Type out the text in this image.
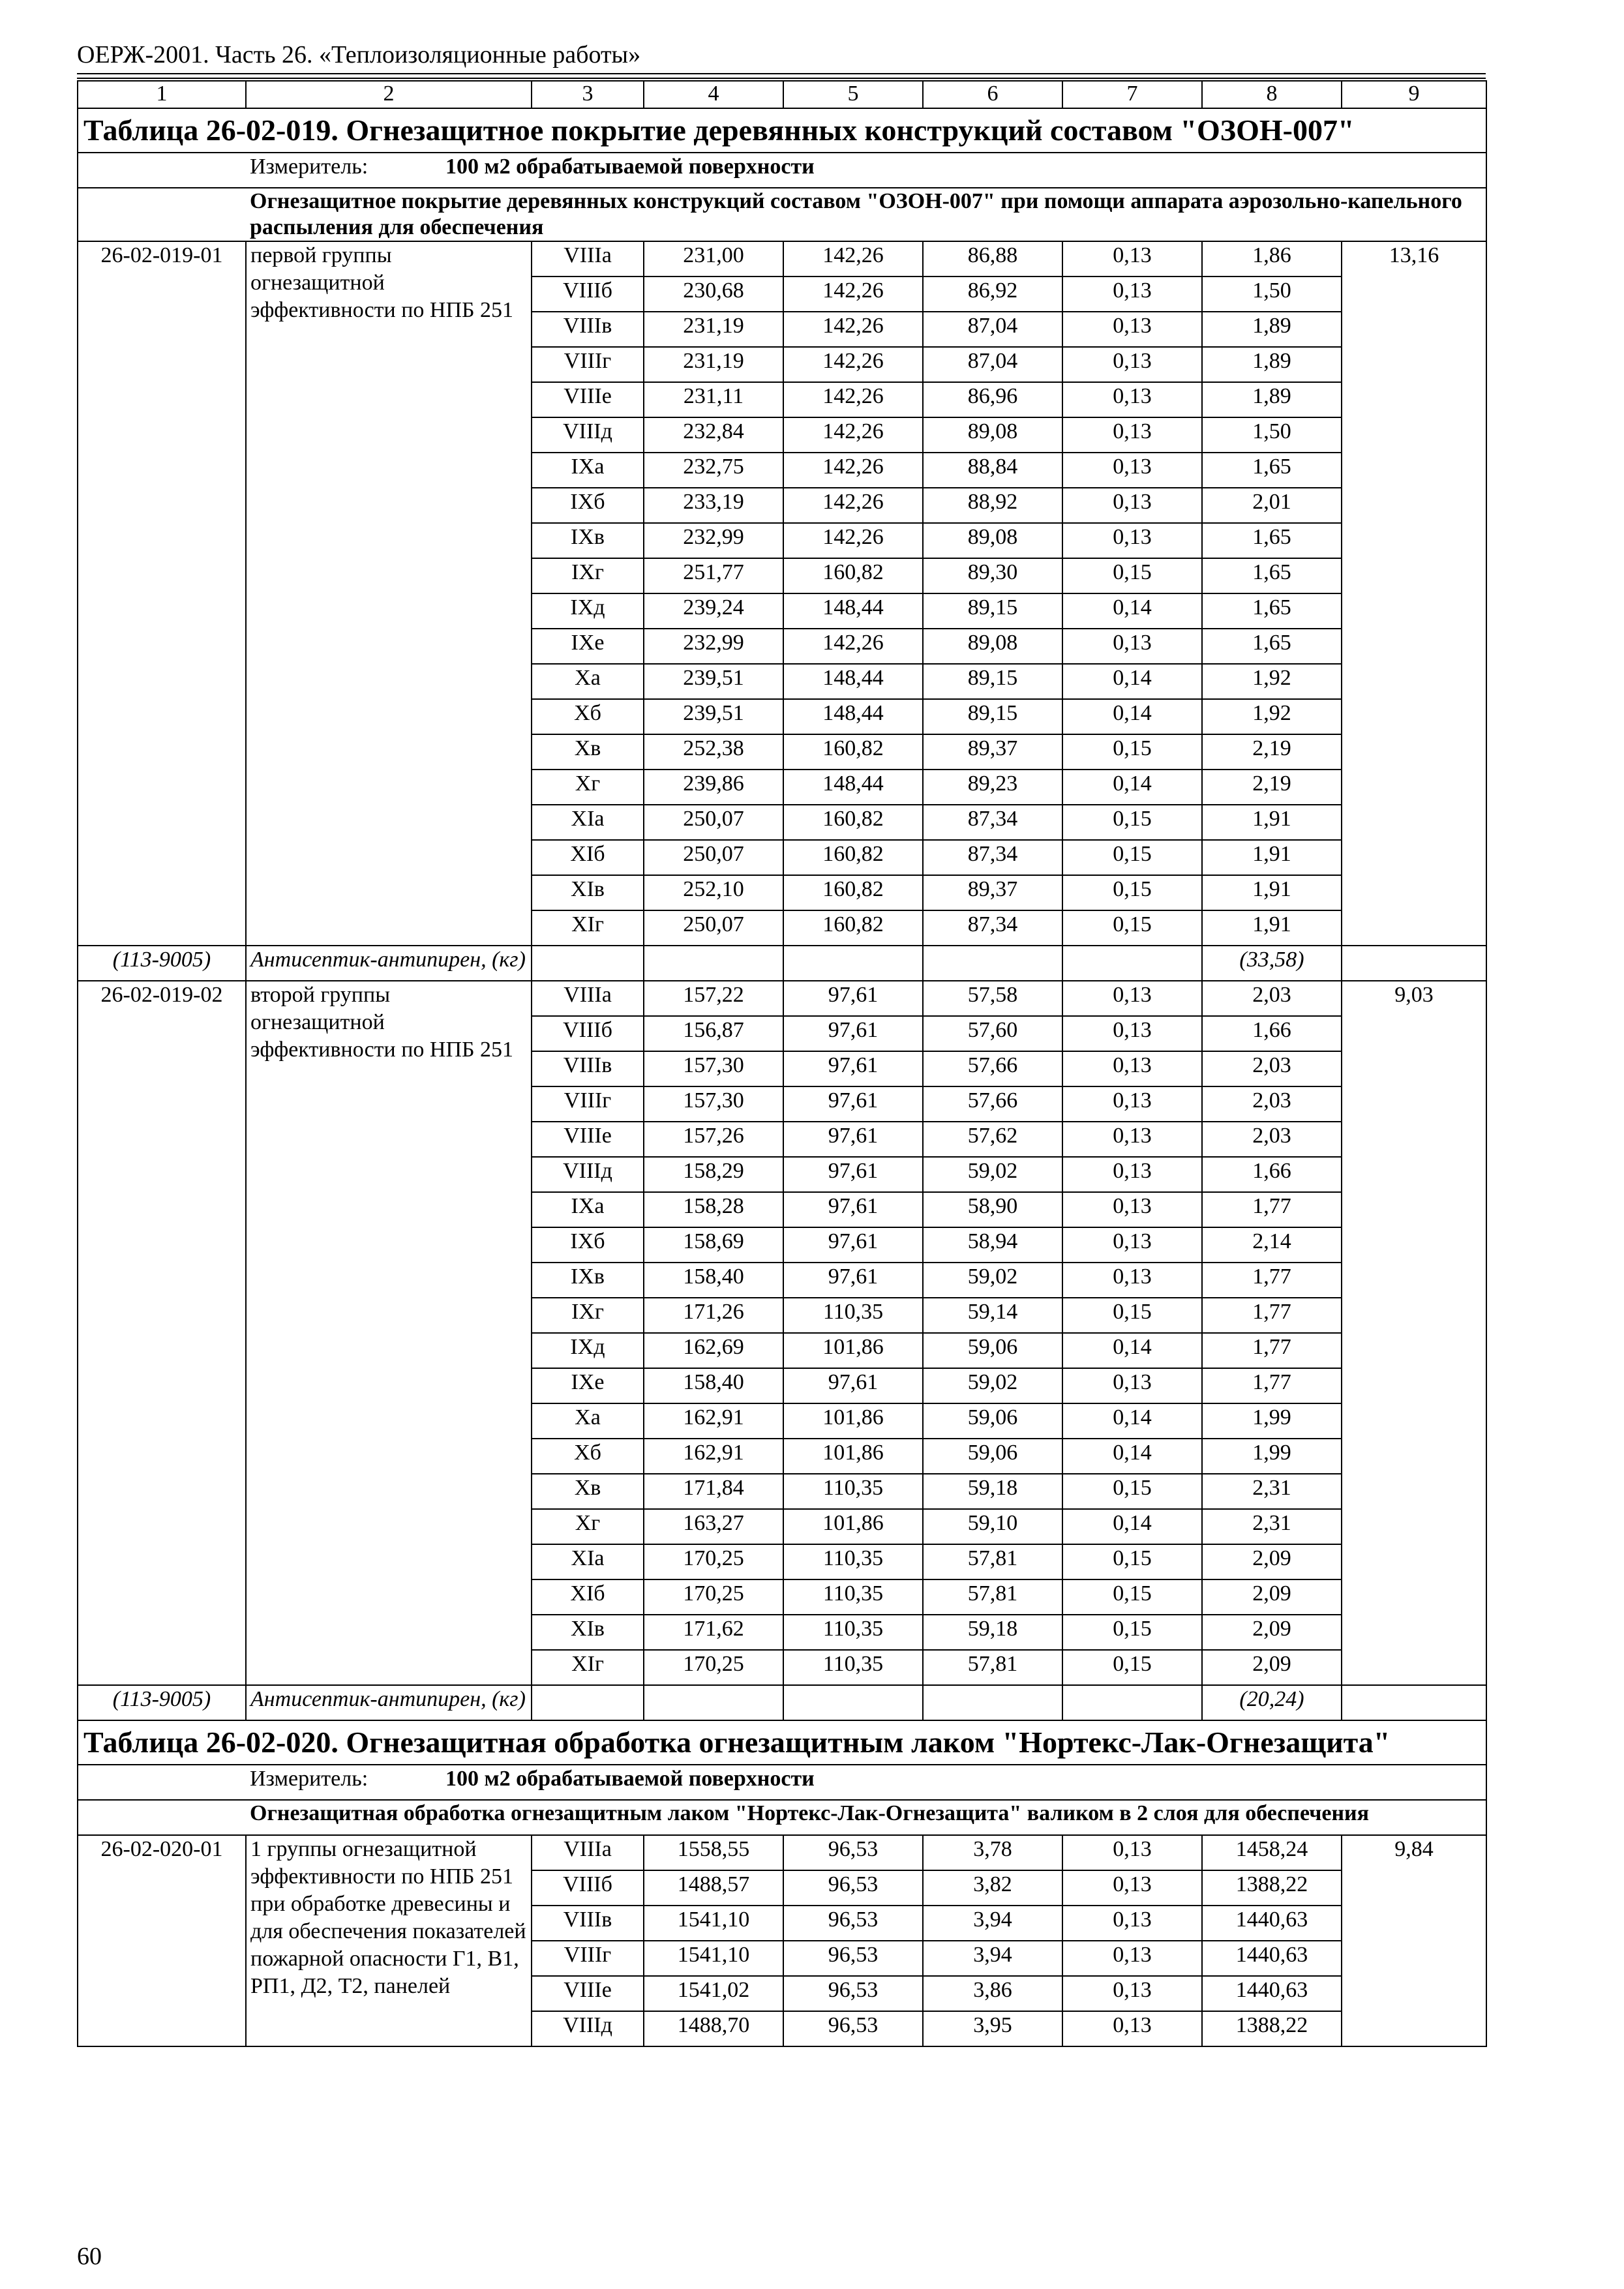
ОЕРЖ-2001. Часть 26. «Теплоизоляционные работы»
1	2	3	4	5	6	7	8	9
Таблица 26-02-019. Огнезащитное покрытие деревянных конструкций составом "ОЗОН-007"								
	Измеритель: 100 м2 обрабатываемой поверхности							
	Огнезащитное покрытие деревянных конструкций составом "ОЗОН-007" при помощи аппарата аэрозольно-капельного распыления для обеспечения							
26-02-019-01	первой группы огнезащитной эффективности по НПБ 251	VIIIа	231,00	142,26	86,88	0,13	1,86	13,16
		VIIIб	230,68	142,26	86,92	0,13	1,50	
		VIIIв	231,19	142,26	87,04	0,13	1,89	
		VIIIг	231,19	142,26	87,04	0,13	1,89	
		VIIIе	231,11	142,26	86,96	0,13	1,89	
		VIIIд	232,84	142,26	89,08	0,13	1,50	
		IXа	232,75	142,26	88,84	0,13	1,65	
		IXб	233,19	142,26	88,92	0,13	2,01	
		IXв	232,99	142,26	89,08	0,13	1,65	
		IXг	251,77	160,82	89,30	0,15	1,65	
		IXд	239,24	148,44	89,15	0,14	1,65	
		IXе	232,99	142,26	89,08	0,13	1,65	
		Xа	239,51	148,44	89,15	0,14	1,92	
		Xб	239,51	148,44	89,15	0,14	1,92	
		Xв	252,38	160,82	89,37	0,15	2,19	
		Xг	239,86	148,44	89,23	0,14	2,19	
		XIа	250,07	160,82	87,34	0,15	1,91	
		XIб	250,07	160,82	87,34	0,15	1,91	
		XIв	252,10	160,82	89,37	0,15	1,91	
		XIг	250,07	160,82	87,34	0,15	1,91	
(113-9005)	Антисептик-антипирен, (кг)						(33,58)	
26-02-019-02	второй группы огнезащитной эффективности по НПБ 251	VIIIа	157,22	97,61	57,58	0,13	2,03	9,03
		VIIIб	156,87	97,61	57,60	0,13	1,66	
		VIIIв	157,30	97,61	57,66	0,13	2,03	
		VIIIг	157,30	97,61	57,66	0,13	2,03	
		VIIIе	157,26	97,61	57,62	0,13	2,03	
		VIIIд	158,29	97,61	59,02	0,13	1,66	
		IXа	158,28	97,61	58,90	0,13	1,77	
		IXб	158,69	97,61	58,94	0,13	2,14	
		IXв	158,40	97,61	59,02	0,13	1,77	
		IXг	171,26	110,35	59,14	0,15	1,77	
		IXд	162,69	101,86	59,06	0,14	1,77	
		IXе	158,40	97,61	59,02	0,13	1,77	
		Xа	162,91	101,86	59,06	0,14	1,99	
		Xб	162,91	101,86	59,06	0,14	1,99	
		Xв	171,84	110,35	59,18	0,15	2,31	
		Xг	163,27	101,86	59,10	0,14	2,31	
		XIа	170,25	110,35	57,81	0,15	2,09	
		XIб	170,25	110,35	57,81	0,15	2,09	
		XIв	171,62	110,35	59,18	0,15	2,09	
		XIг	170,25	110,35	57,81	0,15	2,09	
(113-9005)	Антисептик-антипирен, (кг)						(20,24)	
Таблица 26-02-020. Огнезащитная обработка огнезащитным лаком "Нортекс-Лак-Огнезащита"								
	Измеритель: 100 м2 обрабатываемой поверхности							
	Огнезащитная обработка огнезащитным лаком "Нортекс-Лак-Огнезащита" валиком в 2 слоя для обеспечения							
26-02-020-01	1 группы огнезащитной эффективности по НПБ 251 при обработке древесины и для обеспечения показателей пожарной опасности Г1, В1, РП1, Д2, Т2, панелей	VIIIа	1558,55	96,53	3,78	0,13	1458,24	9,84
		VIIIб	1488,57	96,53	3,82	0,13	1388,22	
		VIIIв	1541,10	96,53	3,94	0,13	1440,63	
		VIIIг	1541,10	96,53	3,94	0,13	1440,63	
		VIIIе	1541,02	96,53	3,86	0,13	1440,63	
		VIIIд	1488,70	96,53	3,95	0,13	1388,22	
60
